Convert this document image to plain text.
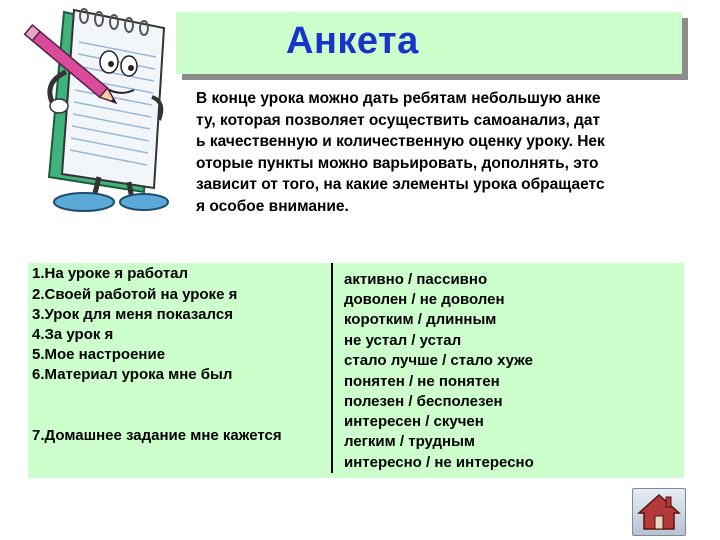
Анкета
В конце урока можно дать ребятам небольшую анке
ту, которая позволяет осуществить самоанализ, дат
ь качественную и количественную оценку уроку. Нек
оторые пункты можно варьировать, дополнять, это
зависит от того, на какие элементы урока обращаетс
я особое внимание.
1.На уроке я работал
2.Своей работой на уроке я
3.Урок для меня показался
4.За урок я
5.Мое настроение
6.Материал урока мне был
7.Домашнее задание мне кажется
активно / пассивно
доволен / не доволен
коротким / длинным
не устал / устал
стало лучше / стало хуже
понятен / не понятен
полезен / бесполезен
интересен / скучен
легким / трудным
интересно / не интересно
